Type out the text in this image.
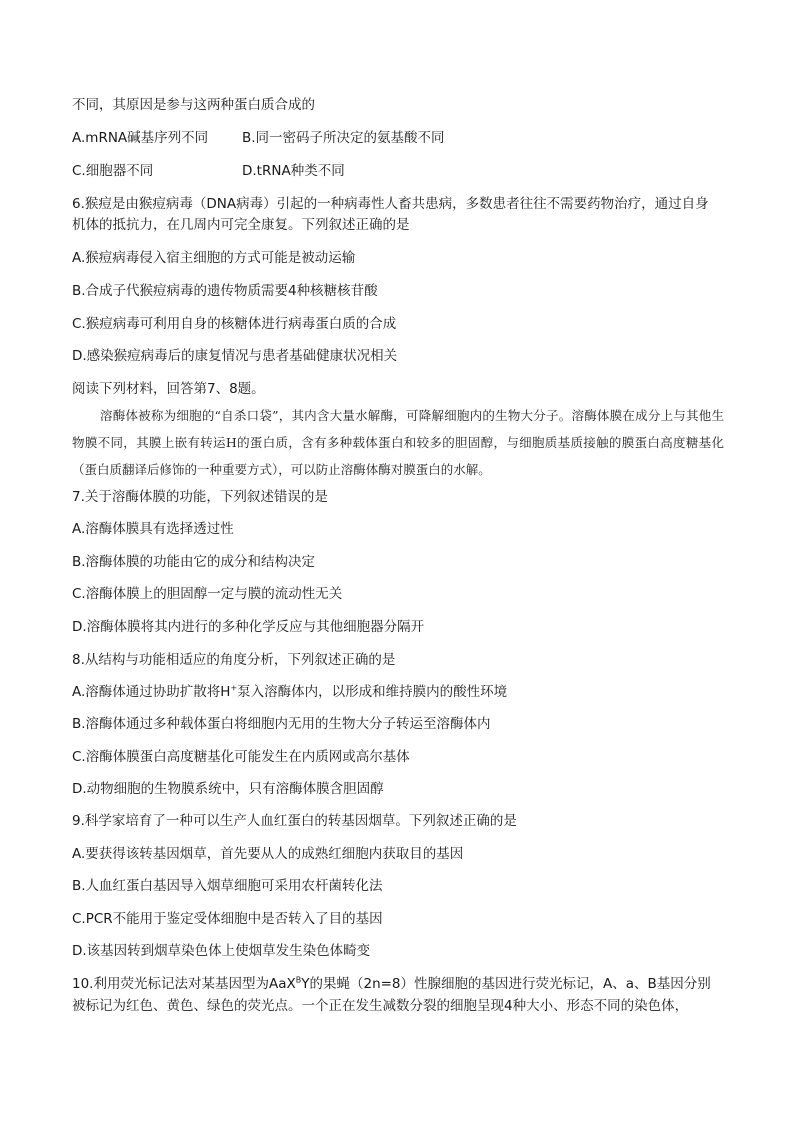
不同，其原因是参与这两种蛋白质合成的
A.mRNA碱基序列不同	B.同一密码子所决定的氨基酸不同
C.细胞器不同	D.tRNA种类不同
6.猴痘是由猴痘病毒（DNA病毒）引起的一种病毒性人畜共患病，多数患者往往不需要药物治疗，通过自身
机体的抵抗力，在几周内可完全康复。下列叙述正确的是
A.猴痘病毒侵入宿主细胞的方式可能是被动运输
B.合成子代猴痘病毒的遗传物质需要4种核糖核苷酸
C.猴痘病毒可利用自身的核糖体进行病毒蛋白质的合成
D.感染猴痘病毒后的康复情况与患者基础健康状况相关
阅读下列材料，回答第7、8题。
溶酶体被称为细胞的“自杀口袋”，其内含大量水解酶，可降解细胞内的生物大分子。溶酶体膜在成分上与其他生物膜不同，其膜上嵌有转运H的蛋白质，含有多种载体蛋白和较多的胆固醇，与细胞质基质接触的膜蛋白高度糖基化（蛋白质翻译后修饰的一种重要方式），可以防止溶酶体酶对膜蛋白的水解。
7.关于溶酶体膜的功能，下列叙述错误的是
A.溶酶体膜具有选择透过性
B.溶酶体膜的功能由它的成分和结构决定
C.溶酶体膜上的胆固醇一定与膜的流动性无关
D.溶酶体膜将其内进行的多种化学反应与其他细胞器分隔开
8.从结构与功能相适应的角度分析，下列叙述正确的是
A.溶酶体通过协助扩散将H+泵入溶酶体内，以形成和维持膜内的酸性环境
B.溶酶体通过多种载体蛋白将细胞内无用的生物大分子转运至溶酶体内
C.溶酶体膜蛋白高度糖基化可能发生在内质网或高尔基体
D.动物细胞的生物膜系统中，只有溶酶体膜含胆固醇
9.科学家培育了一种可以生产人血红蛋白的转基因烟草。下列叙述正确的是
A.要获得该转基因烟草，首先要从人的成熟红细胞内获取目的基因
B.人血红蛋白基因导入烟草细胞可采用农杆菌转化法
C.PCR不能用于鉴定受体细胞中是否转入了目的基因
D.该基因转到烟草染色体上使烟草发生染色体畸变
10.利用荧光标记法对某基因型为AaX$^B$Y的果蝇（2n=8）性腺细胞的基因进行荧光标记，A、a、B基因分别
被标记为红色、黄色、绿色的荧光点。一个正在发生减数分裂的细胞呈现4种大小、形态不同的染色体，
